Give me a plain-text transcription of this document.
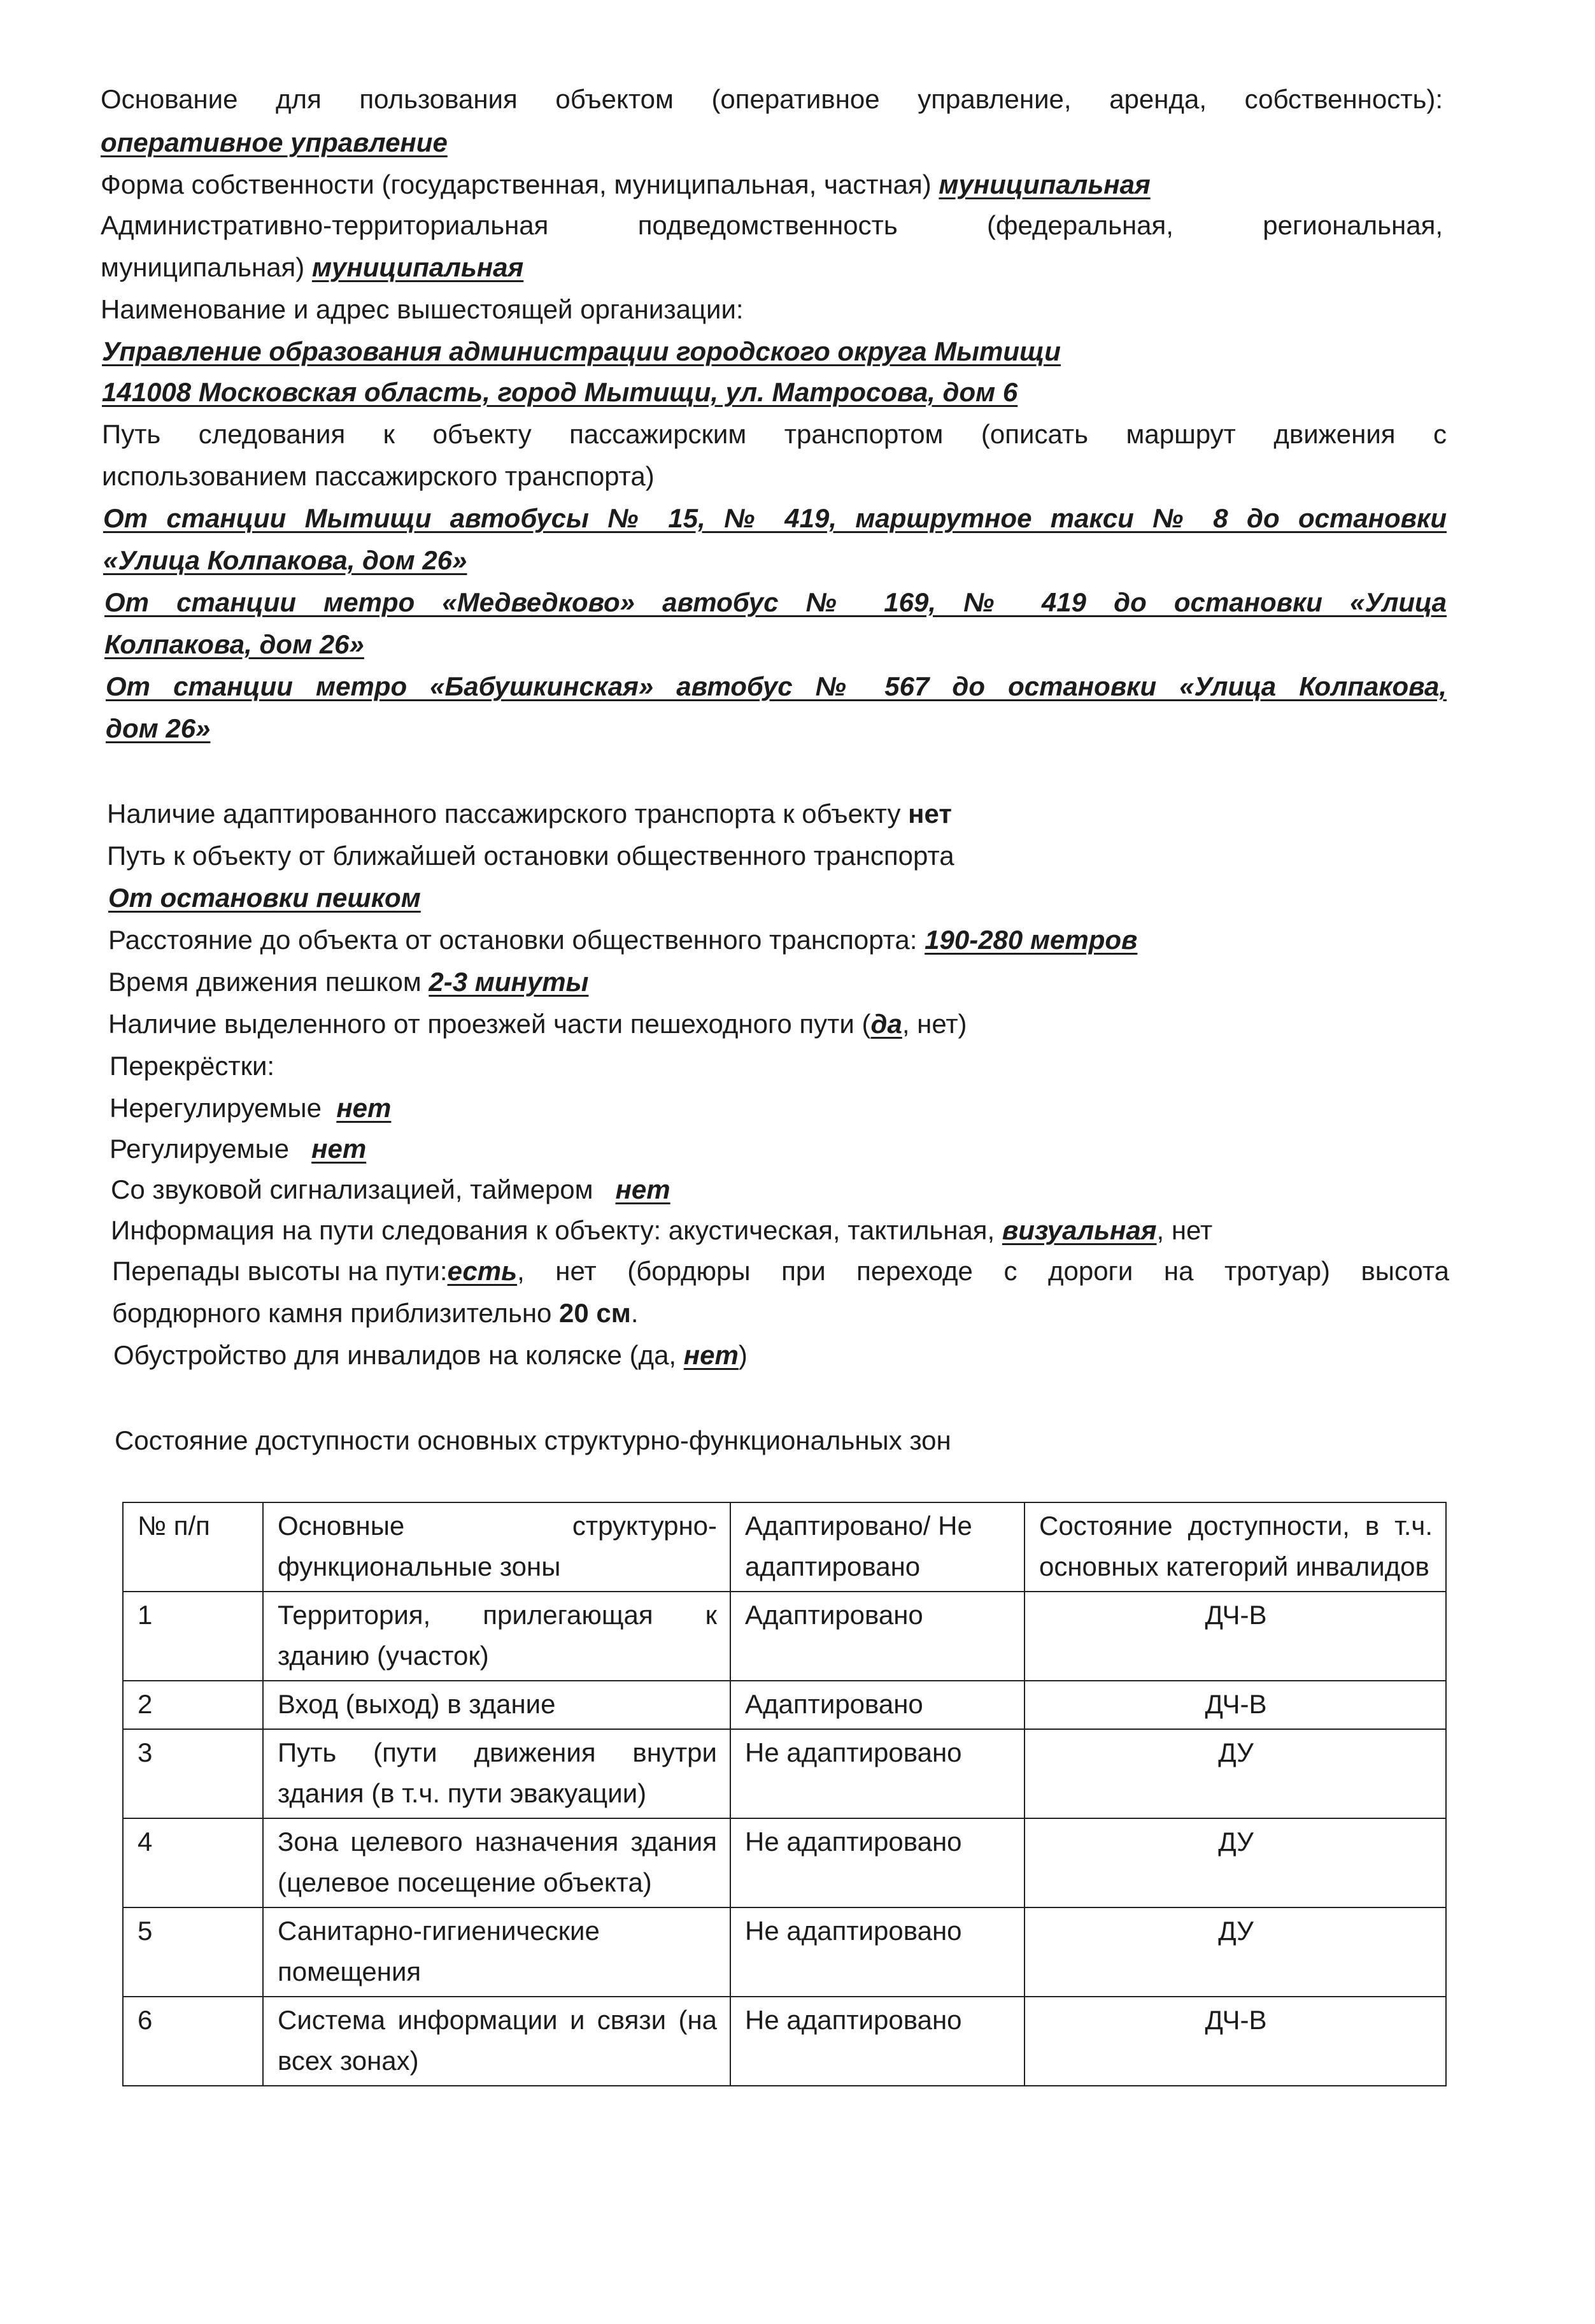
Основание для пользования объектом (оперативное управление, аренда, собственность):
оперативное управление
Форма собственности (государственная, муниципальная, частная) муниципальная
Административно-территориальная подведомственность (федеральная, региональная,
муниципальная) муниципальная
Наименование и адрес вышестоящей организации:
Управление образования администрации городского округа Мытищи
141008 Московская область, город Мытищи, ул. Матросова, дом 6
Путь следования к объекту пассажирским транспортом (описать маршрут движения с
использованием пассажирского транспорта)
От станции Мытищи автобусы № 15, № 419, маршрутное такси № 8 до остановки
«Улица Колпакова, дом 26»
От станции метро «Медведково» автобус № 169, № 419 до остановки «Улица
Колпакова, дом 26»
От станции метро «Бабушкинская» автобус № 567 до остановки «Улица Колпакова,
дом 26»
Наличие адаптированного пассажирского транспорта к объекту нет
Путь к объекту от ближайшей остановки общественного транспорта
От остановки пешком
Расстояние до объекта от остановки общественного транспорта: 190-280 метров
Время движения пешком 2-3 минуты
Наличие выделенного от проезжей части пешеходного пути (да, нет)
Перекрёстки:
Нерегулируемые нет
Регулируемые нет
Со звуковой сигнализацией, таймером нет
Информация на пути следования к объекту: акустическая, тактильная, визуальная, нет
Перепады высоты на пути: есть , нет (бордюры при переходе с дороги на тротуар) высота
бордюрного камня приблизительно 20 см.
Обустройство для инвалидов на коляске (да, нет)
Состояние доступности основных структурно-функциональных зон
№ п/п	Основные структурно-функциональные зоны	Адаптировано/ Не адаптировано	Состояние доступности, в т.ч. основных категорий инвалидов
1	Территория, прилегающая к зданию (участок)	Адаптировано	ДЧ-В
2	Вход (выход) в здание	Адаптировано	ДЧ-В
3	Путь (пути движения внутри здания (в т.ч. пути эвакуации)	Не адаптировано	ДУ
4	Зона целевого назначения здания (целевое посещение объекта)	Не адаптировано	ДУ
5	Санитарно-гигиенические помещения	Не адаптировано	ДУ
6	Система информации и связи (на всех зонах)	Не адаптировано	ДЧ-В
